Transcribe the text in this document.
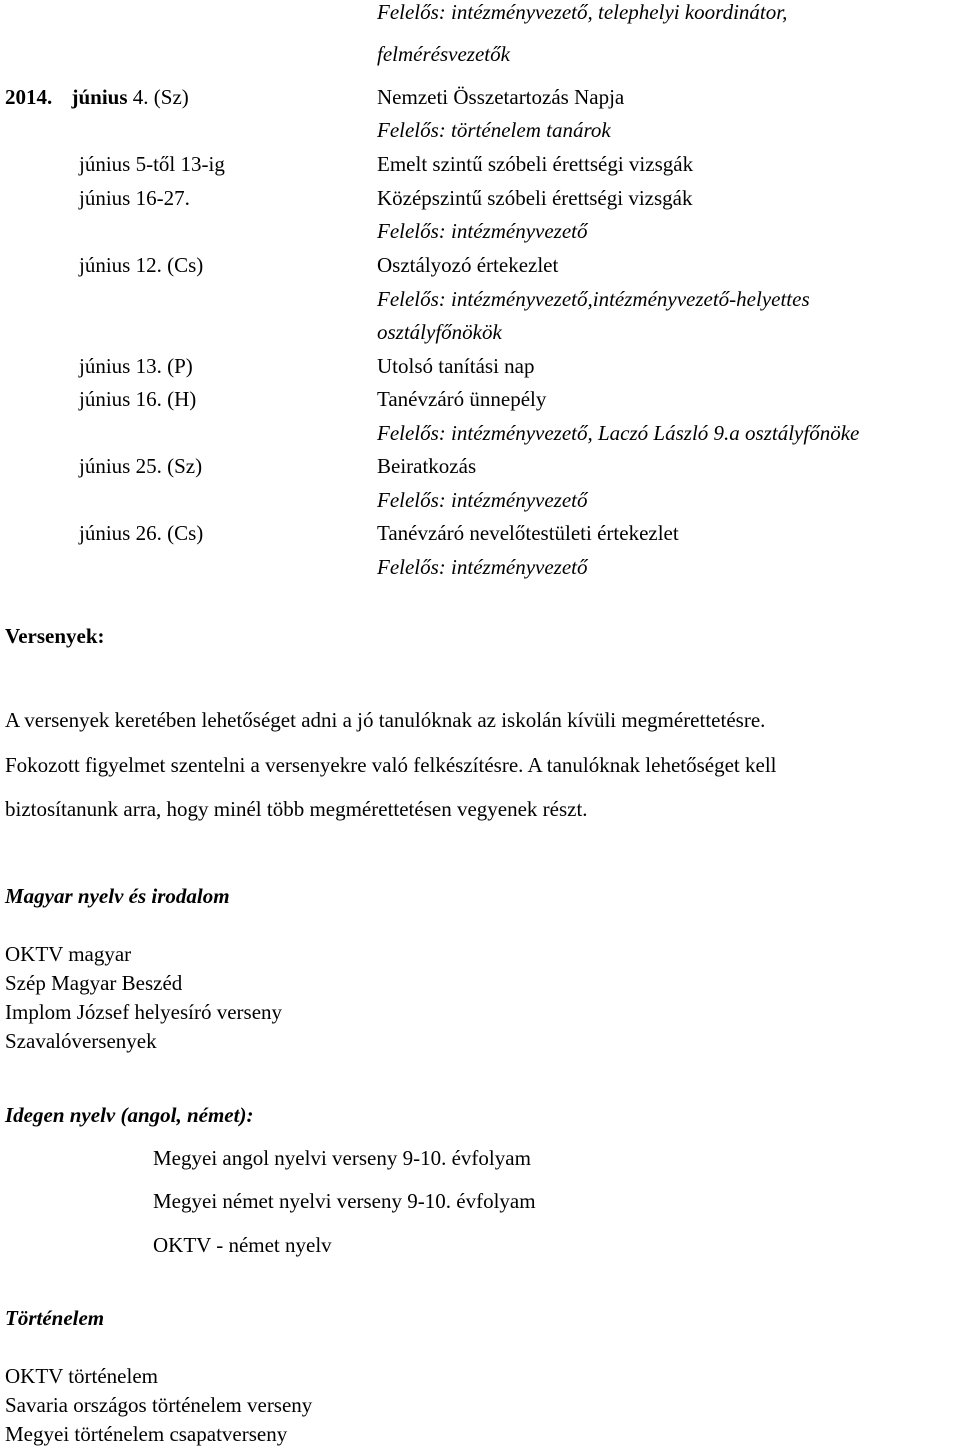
Felelős: intézményvezető, telephelyi koordinátor,
felmérésvezetők
2014. június 4. (Sz)	Nemzeti Összetartozás Napja
Felelős: történelem tanárok
június 5-től 13-ig	Emelt szintű szóbeli érettségi vizsgák
június 16-27.	Középszintű szóbeli érettségi vizsgák
Felelős: intézményvezető
június 12. (Cs)	Osztályozó értekezlet
Felelős: intézményvezető,intézményvezető-helyettes
osztályfőnökök
június 13. (P)	Utolsó tanítási nap
június 16. (H)	Tanévzáró ünnepély
Felelős: intézményvezető, Laczó László 9.a osztályfőnöke
június 25. (Sz)	Beiratkozás
Felelős: intézményvezető
június 26. (Cs)	Tanévzáró nevelőtestületi értekezlet
Felelős: intézményvezető
Versenyek:
A versenyek keretében lehetőséget adni a jó tanulóknak az iskolán kívüli megmérettetésre.
Fokozott figyelmet szentelni a versenyekre való felkészítésre. A tanulóknak lehetőséget kell
biztosítanunk arra, hogy minél több megmérettetésen vegyenek részt.
Magyar nyelv és irodalom
OKTV magyar
Szép Magyar Beszéd
Implom József helyesíró verseny
Szavalóversenyek
Idegen nyelv (angol, német):
Megyei angol nyelvi verseny 9-10. évfolyam
Megyei német nyelvi verseny 9-10. évfolyam
OKTV - német nyelv
Történelem
OKTV történelem
Savaria országos történelem verseny
Megyei történelem csapatverseny
